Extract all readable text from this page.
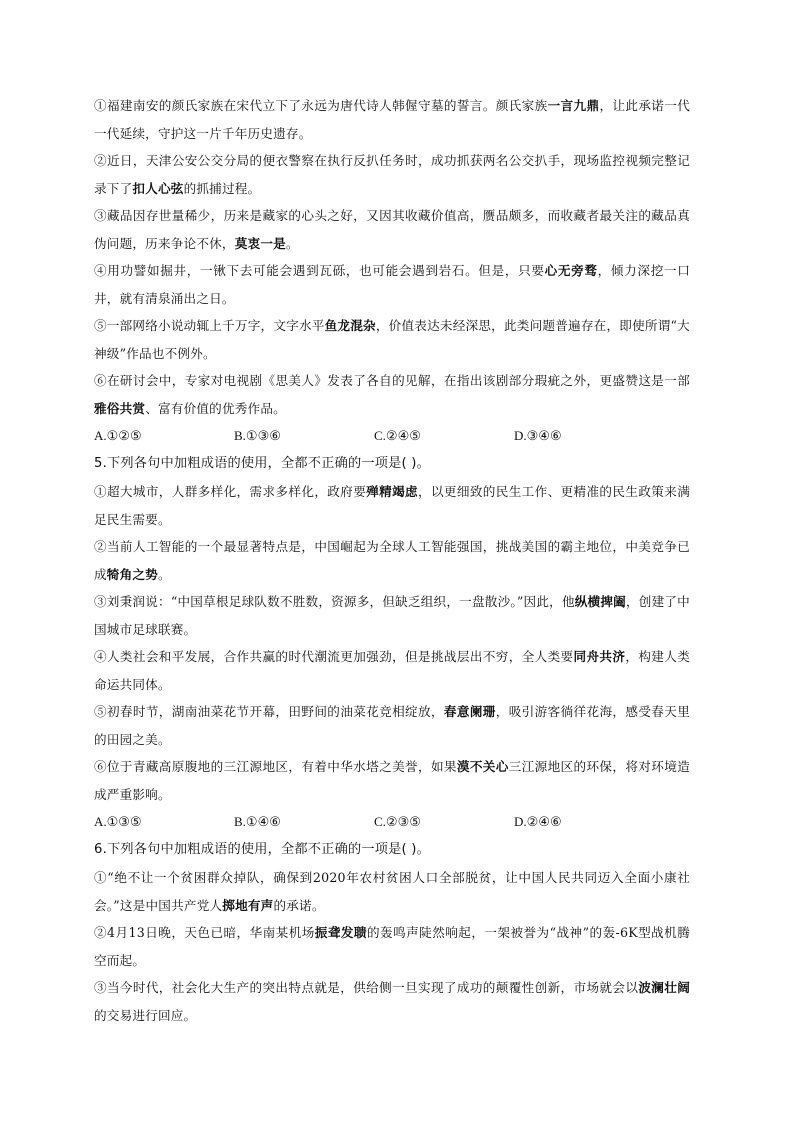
①福建南安的颜氏家族在宋代立下了永远为唐代诗人韩偓守墓的誓言。颜氏家族一言九鼎，让此承诺一代一代延续，守护这一片千年历史遗存。

②近日，天津公安公交分局的便衣警察在执行反扒任务时，成功抓获两名公交扒手，现场监控视频完整记录下了扣人心弦的抓捕过程。

③藏品因存世量稀少，历来是藏家的心头之好，又因其收藏价值高，赝品颇多，而收藏者最关注的藏品真伪问题，历来争论不休，莫衷一是。

④用功譬如掘井，一锹下去可能会遇到瓦砾，也可能会遇到岩石。但是，只要心无旁骛，倾力深挖一口井，就有清泉涌出之日。

⑤一部网络小说动辄上千万字，文字水平鱼龙混杂，价值表达未经深思，此类问题普遍存在，即使所谓“大神级”作品也不例外。

⑥在研讨会中，专家对电视剧《思美人》发表了各自的见解，在指出该剧部分瑕疵之外，更盛赞这是一部雅俗共赏、富有价值的优秀作品。

A.①②⑤	B.①③⑥	C.②④⑤	D.③④⑥

5.下列各句中加粗成语的使用，全都不正确的一项是( )。

①超大城市，人群多样化，需求多样化，政府要殚精竭虑，以更细致的民生工作、更精准的民生政策来满足民生需要。

②当前人工智能的一个最显著特点是，中国崛起为全球人工智能强国，挑战美国的霸主地位，中美竞争已成犄角之势。

③刘秉润说：“中国草根足球队数不胜数，资源多，但缺乏组织，一盘散沙。”因此，他纵横捭阖，创建了中国城市足球联赛。

④人类社会和平发展，合作共赢的时代潮流更加强劲，但是挑战层出不穷，全人类要同舟共济，构建人类命运共同体。

⑤初春时节，湖南油菜花节开幕，田野间的油菜花竞相绽放，春意阑珊，吸引游客徜徉花海，感受春天里的田园之美。

⑥位于青藏高原腹地的三江源地区，有着中华水塔之美誉，如果漠不关心三江源地区的环保，将对环境造成严重影响。

A.①③⑤	B.①④⑥	C.②③⑤	D.②④⑥

6.下列各句中加粗成语的使用，全都不正确的一项是( )。

①“绝不让一个贫困群众掉队，确保到2020年农村贫困人口全部脱贫，让中国人民共同迈入全面小康社会。”这是中国共产党人掷地有声的承诺。

②4月13日晚，天色已暗，华南某机场振聋发聩的轰鸣声陡然响起，一架被誉为“战神”的轰-6K型战机腾空而起。

③当今时代，社会化大生产的突出特点就是，供给侧一旦实现了成功的颠覆性创新，市场就会以波澜壮阔的交易进行回应。
